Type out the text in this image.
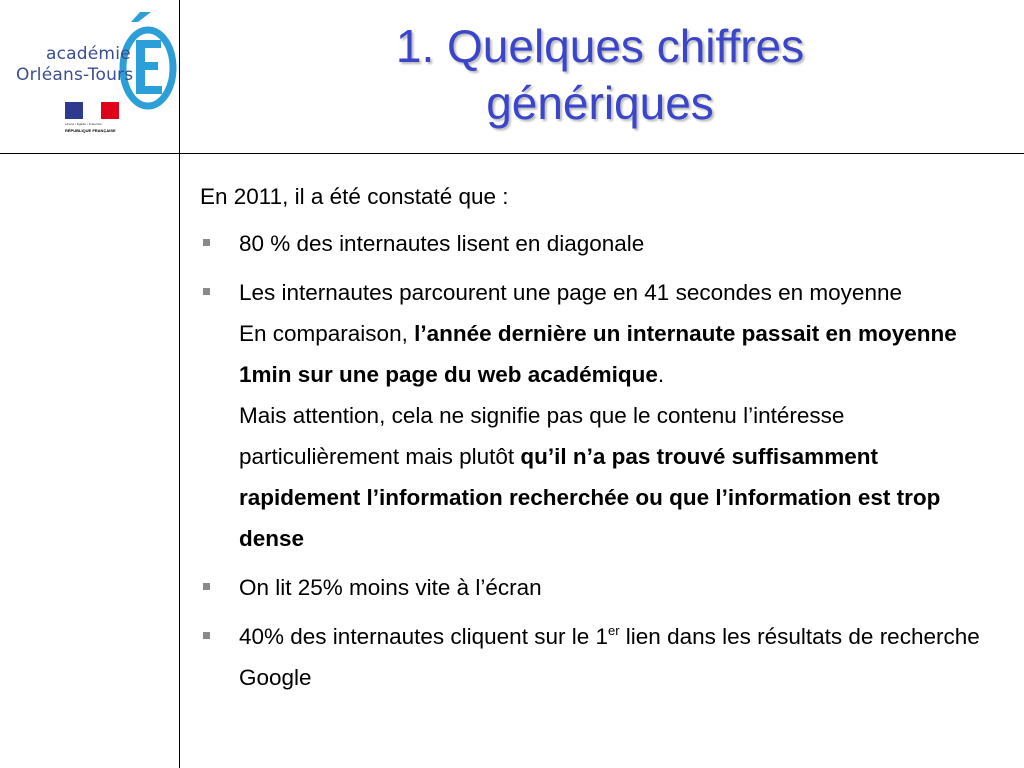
académie
Orléans-Tours
Liberté • Égalité • Fraternité
RÉPUBLIQUE FRANÇAISE
1. Quelques chiffres
génériques

En 2011, il a été constaté que :

80 % des internautes lisent en diagonale
Les internautes parcourent une page en 41 secondes en moyenne
En comparaison, l’année dernière un internaute passait en moyenne 1min sur une page du web académique.
Mais attention, cela ne signifie pas que le contenu l’intéresse particulièrement mais plutôt qu’il n’a pas trouvé suffisamment rapidement l’information recherchée ou que l’information est trop dense
On lit 25% moins vite à l’écran
40% des internautes cliquent sur le 1er lien dans les résultats de recherche Google
